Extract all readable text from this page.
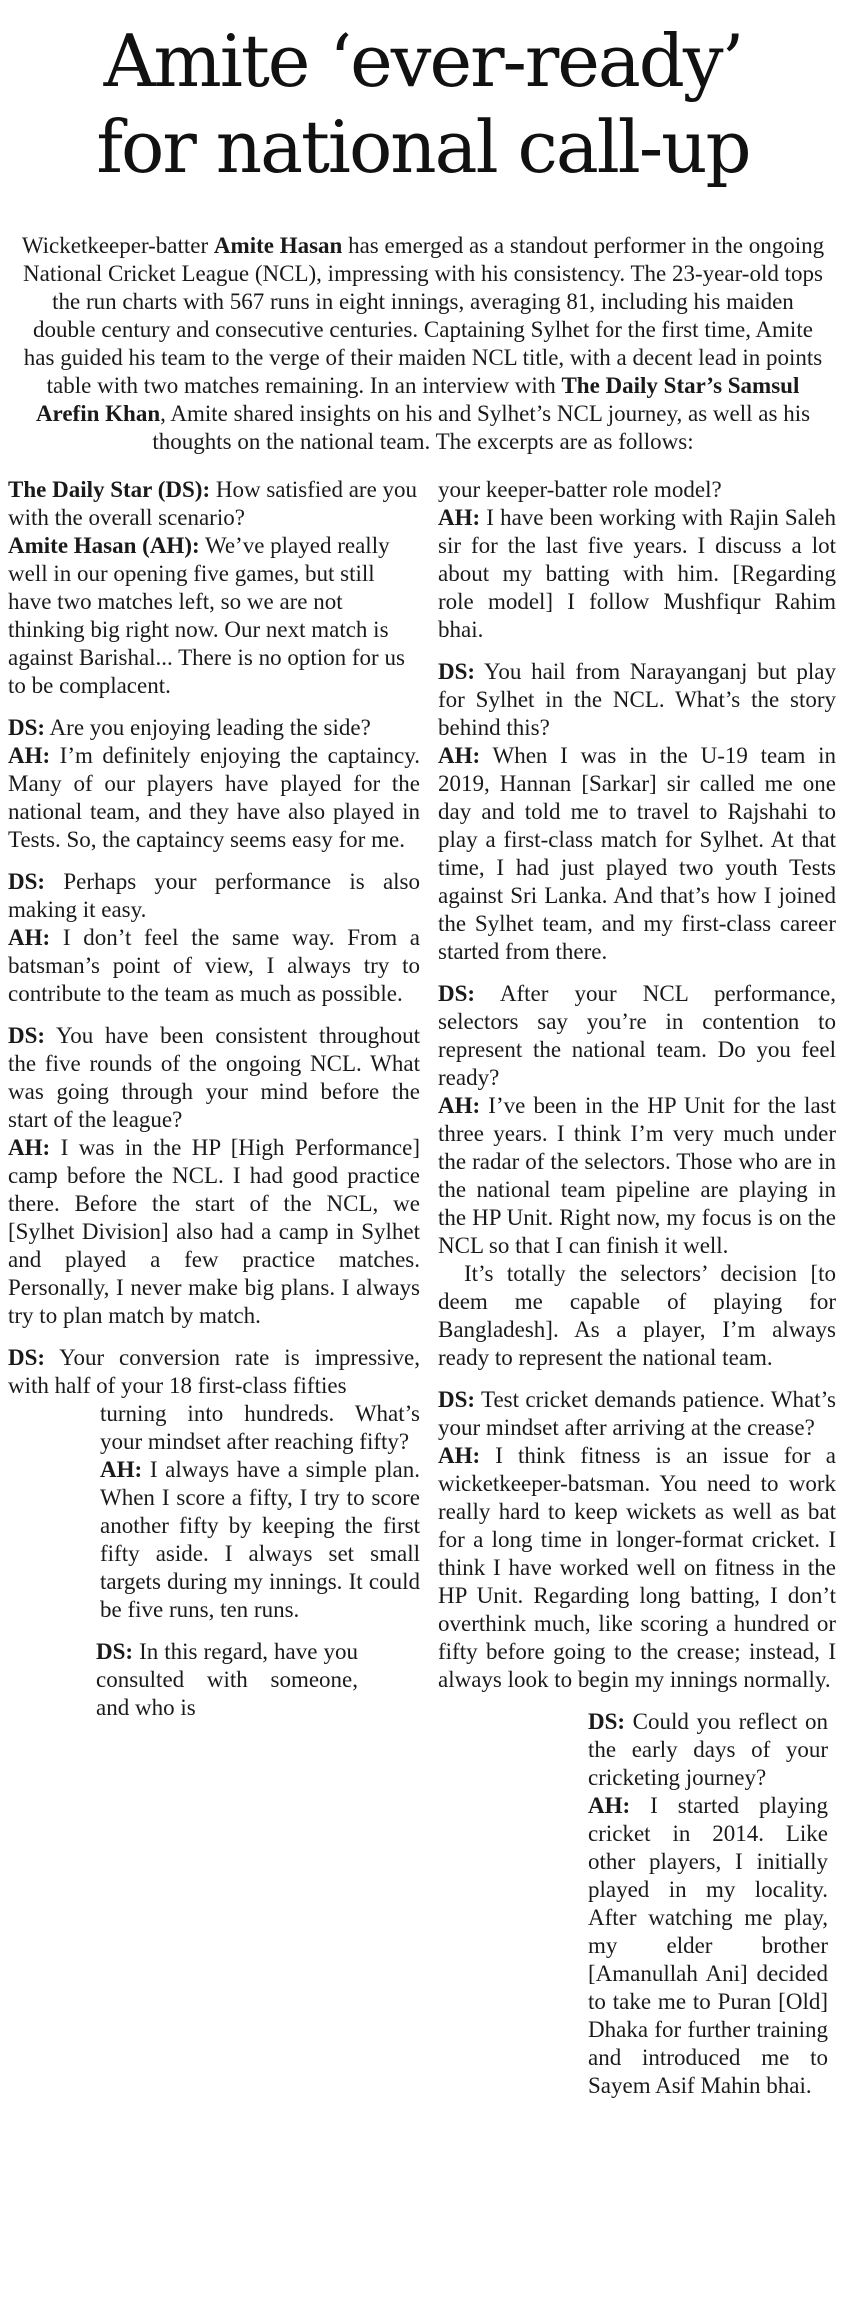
Amite ‘ever-ready’
for national call-up

Wicketkeeper-batter Amite Hasan has emerged as a standout performer in the ongoing National Cricket League (NCL), impressing with his consistency. The 23-year-old tops the run charts with 567 runs in eight innings, averaging 81, including his maiden double century and consecutive centuries. Captaining Sylhet for the first time, Amite has guided his team to the verge of their maiden NCL title, with a decent lead in points table with two matches remaining. In an interview with The Daily Star’s Samsul Arefin Khan, Amite shared insights on his and Sylhet’s NCL journey, as well as his thoughts on the national team. The excerpts are as follows:

The Daily Star (DS): How satisfied are you with the overall scenario?
Amite Hasan (AH): We’ve played really well in our opening five games, but still have two matches left, so we are not thinking big right now. Our next match is against Barishal... There is no option for us to be complacent.

DS: Are you enjoying leading the side?
AH: I’m definitely enjoying the captaincy. Many of our players have played for the national team, and they have also played in Tests. So, the captaincy seems easy for me.

DS: Perhaps your performance is also making it easy.
AH: I don’t feel the same way. From a batsman’s point of view, I always try to contribute to the team as much as possible.

DS: You have been consistent throughout the five rounds of the ongoing NCL. What was going through your mind before the start of the league?
AH: I was in the HP [High Performance] camp before the NCL. I had good practice there. Before the start of the NCL, we [Sylhet Division] also had a camp in Sylhet and played a few practice matches. Personally, I never make big plans. I always try to plan match by match.

DS: Your conversion rate is impressive, with half of your 18 first-class fifties

turning into hundreds. What’s your mindset after reaching fifty?
AH: I always have a simple plan. When I score a fifty, I try to score another fifty by keeping the first fifty aside. I always set small targets during my innings. It could be five runs, ten runs.

DS: In this regard, have you consulted with someone, and who is

your keeper-batter role model?
AH: I have been working with Rajin Saleh sir for the last five years. I discuss a lot about my batting with him. [Regarding role model] I follow Mushfiqur Rahim bhai.

DS: You hail from Narayanganj but play for Sylhet in the NCL. What’s the story behind this?
AH: When I was in the U-19 team in 2019, Hannan [Sarkar] sir called me one day and told me to travel to Rajshahi to play a first-class match for Sylhet. At that time, I had just played two youth Tests against Sri Lanka. And that’s how I joined the Sylhet team, and my first-class career started from there.

DS: After your NCL performance, selectors say you’re in contention to represent the national team. Do you feel ready?
AH: I’ve been in the HP Unit for the last three years. I think I’m very much under the radar of the selectors. Those who are in the national team pipeline are playing in the HP Unit. Right now, my focus is on the NCL so that I can finish it well.

It’s totally the selectors’ decision [to deem me capable of playing for Bangladesh]. As a player, I’m always ready to represent the national team.

DS: Test cricket demands patience. What’s your mindset after arriving at the crease?
AH: I think fitness is an issue for a wicketkeeper-batsman. You need to work really hard to keep wickets as well as bat for a long time in longer-format cricket. I think I have worked well on fitness in the HP Unit. Regarding long batting, I don’t overthink much, like scoring a hundred or fifty before going to the crease; instead, I always look to begin my innings normally.

DS: Could you reflect on the early days of your cricketing journey?
AH: I started playing cricket in 2014. Like other players, I initially played in my locality. After watching me play, my elder brother [Amanullah Ani] decided to take me to Puran [Old] Dhaka for further training and introduced me to Sayem Asif Mahin bhai.
